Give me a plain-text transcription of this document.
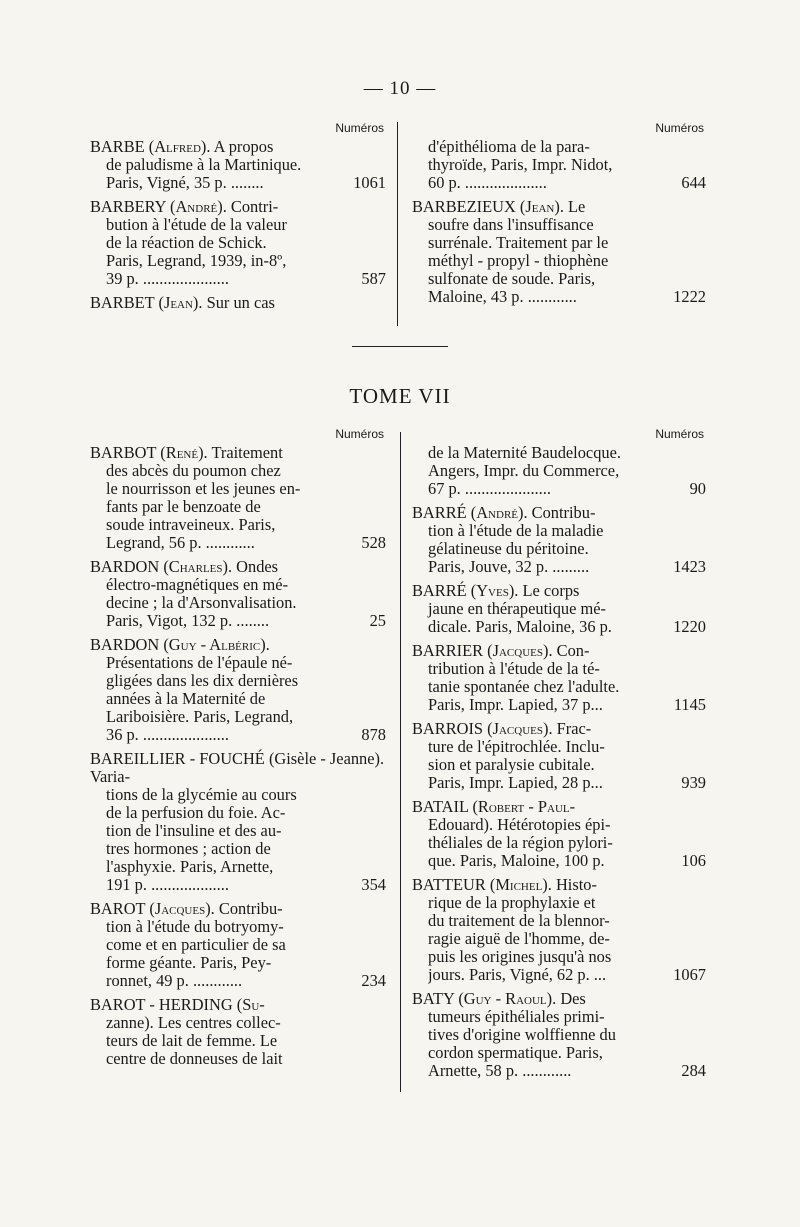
— 10 —
Numéros
BARBE (Alfred). A propos
de paludisme à la Martinique.
Paris, Vigné, 35 p. ........	1061
BARBERY (André). Contri-
bution à l'étude de la valeur
de la réaction de Schick.
Paris, Legrand, 1939, in-8º,
39 p. .....................	587
BARBET (Jean). Sur un cas
Numéros
d'épithélioma de la para-
thyroïde, Paris, Impr. Nidot,
60 p. ....................	644
BARBEZIEUX (Jean). Le
soufre dans l'insuffisance
surrénale. Traitement par le
méthyl - propyl - thiophène
sulfonate de soude. Paris,
Maloine, 43 p. ............	1222
TOME VII
Numéros
BARBOT (René). Traitement
des abcès du poumon chez
le nourrisson et les jeunes en-
fants par le benzoate de
soude intraveineux. Paris,
Legrand, 56 p. ............	528
BARDON (Charles). Ondes
électro-magnétiques en mé-
decine ; la d'Arsonvalisation.
Paris, Vigot, 132 p. ........	25
BARDON (Guy - Albéric).
Présentations de l'épaule né-
gligées dans les dix dernières
années à la Maternité de
Lariboisière. Paris, Legrand,
36 p. .....................	878
BAREILLIER - FOUCHÉ (Gisèle - Jeanne). Varia-
tions de la glycémie au cours
de la perfusion du foie. Ac-
tion de l'insuline et des au-
tres hormones ; action de
l'asphyxie. Paris, Arnette,
191 p. ...................	354
BAROT (Jacques). Contribu-
tion à l'étude du botryomy-
come et en particulier de sa
forme géante. Paris, Pey-
ronnet, 49 p. ............	234
BAROT - HERDING (Su-
zanne). Les centres collec-
teurs de lait de femme. Le
centre de donneuses de lait
Numéros
de la Maternité Baudelocque.
Angers, Impr. du Commerce,
67 p. .....................	90
BARRÉ (André). Contribu-
tion à l'étude de la maladie
gélatineuse du péritoine.
Paris, Jouve, 32 p. .........	1423
BARRÉ (Yves). Le corps
jaune en thérapeutique mé-
dicale. Paris, Maloine, 36 p.	1220
BARRIER (Jacques). Con-
tribution à l'étude de la té-
tanie spontanée chez l'adulte.
Paris, Impr. Lapied, 37 p...	1145
BARROIS (Jacques). Frac-
ture de l'épitrochlée. Inclu-
sion et paralysie cubitale.
Paris, Impr. Lapied, 28 p...	939
BATAIL (Robert - Paul-
Edouard). Hétérotopies épi-
théliales de la région pylori-
que. Paris, Maloine, 100 p.	106
BATTEUR (Michel). Histo-
rique de la prophylaxie et
du traitement de la blennor-
ragie aiguë de l'homme, de-
puis les origines jusqu'à nos
jours. Paris, Vigné, 62 p. ...	1067
BATY (Guy - Raoul). Des
tumeurs épithéliales primi-
tives d'origine wolffienne du
cordon spermatique. Paris,
Arnette, 58 p. ............	284
